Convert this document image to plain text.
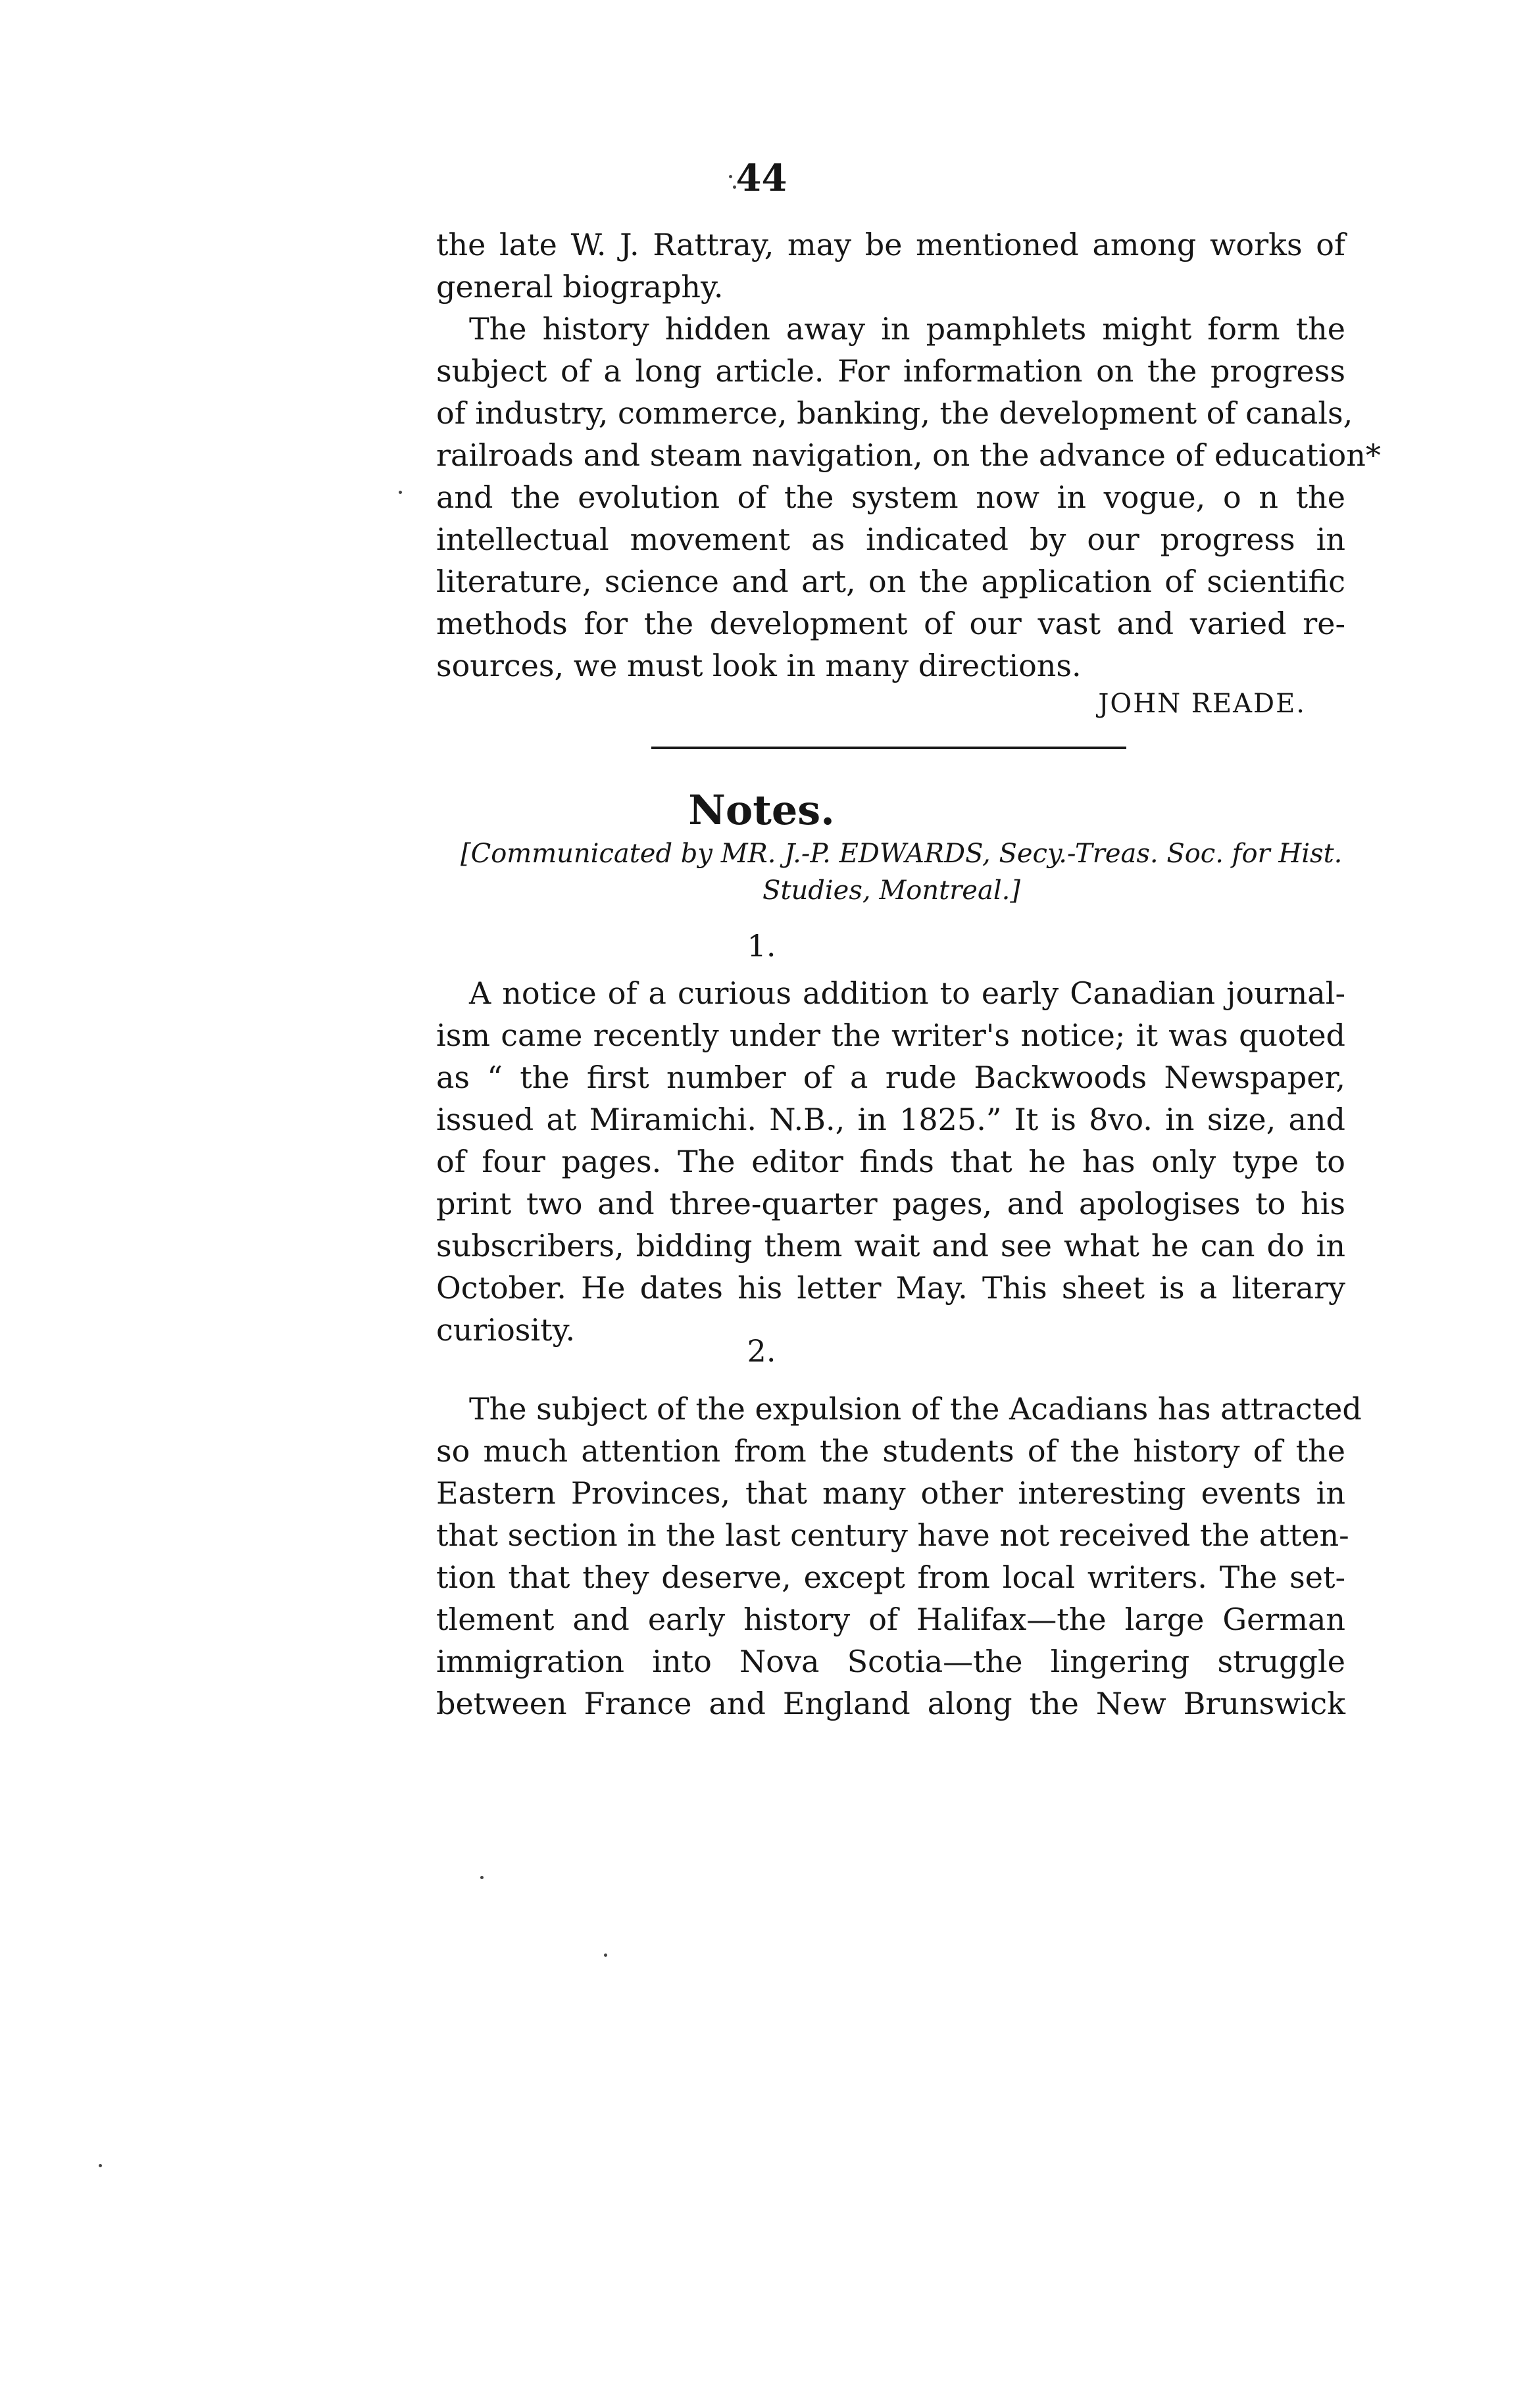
44
the late W. J. Rattray, may be mentioned among works of
general biography.
The history hidden away in pamphlets might form the
subject of a long article. For information on the progress
of industry, commerce, banking, the development of canals,
railroads and steam navigation, on the advance of education*
and the evolution of the system now in vogue, o n the
intellectual movement as indicated by our progress in
literature, science and art, on the application of scientific
methods for the development of our vast and varied re-
sources, we must look in many directions.
JOHN READE.
Notes.
[Communicated by MR. J.-P. EDWARDS, Secy.-Treas. Soc. for Hist.
Studies, Montreal.]
1.
A notice of a curious addition to early Canadian journal-
ism came recently under the writer's notice; it was quoted
as “ the first number of a rude Backwoods Newspaper,
issued at Miramichi. N.B., in 1825.” It is 8vo. in size, and
of four pages. The editor finds that he has only type to
print two and three-quarter pages, and apologises to his
subscribers, bidding them wait and see what he can do in
October. He dates his letter May. This sheet is a literary
curiosity.
2.
The subject of the expulsion of the Acadians has attracted
so much attention from the students of the history of the
Eastern Provinces, that many other interesting events in
that section in the last century have not received the atten-
tion that they deserve, except from local writers. The set-
tlement and early history of Halifax—the large German
immigration into Nova Scotia—the lingering struggle
between France and England along the New Brunswick
